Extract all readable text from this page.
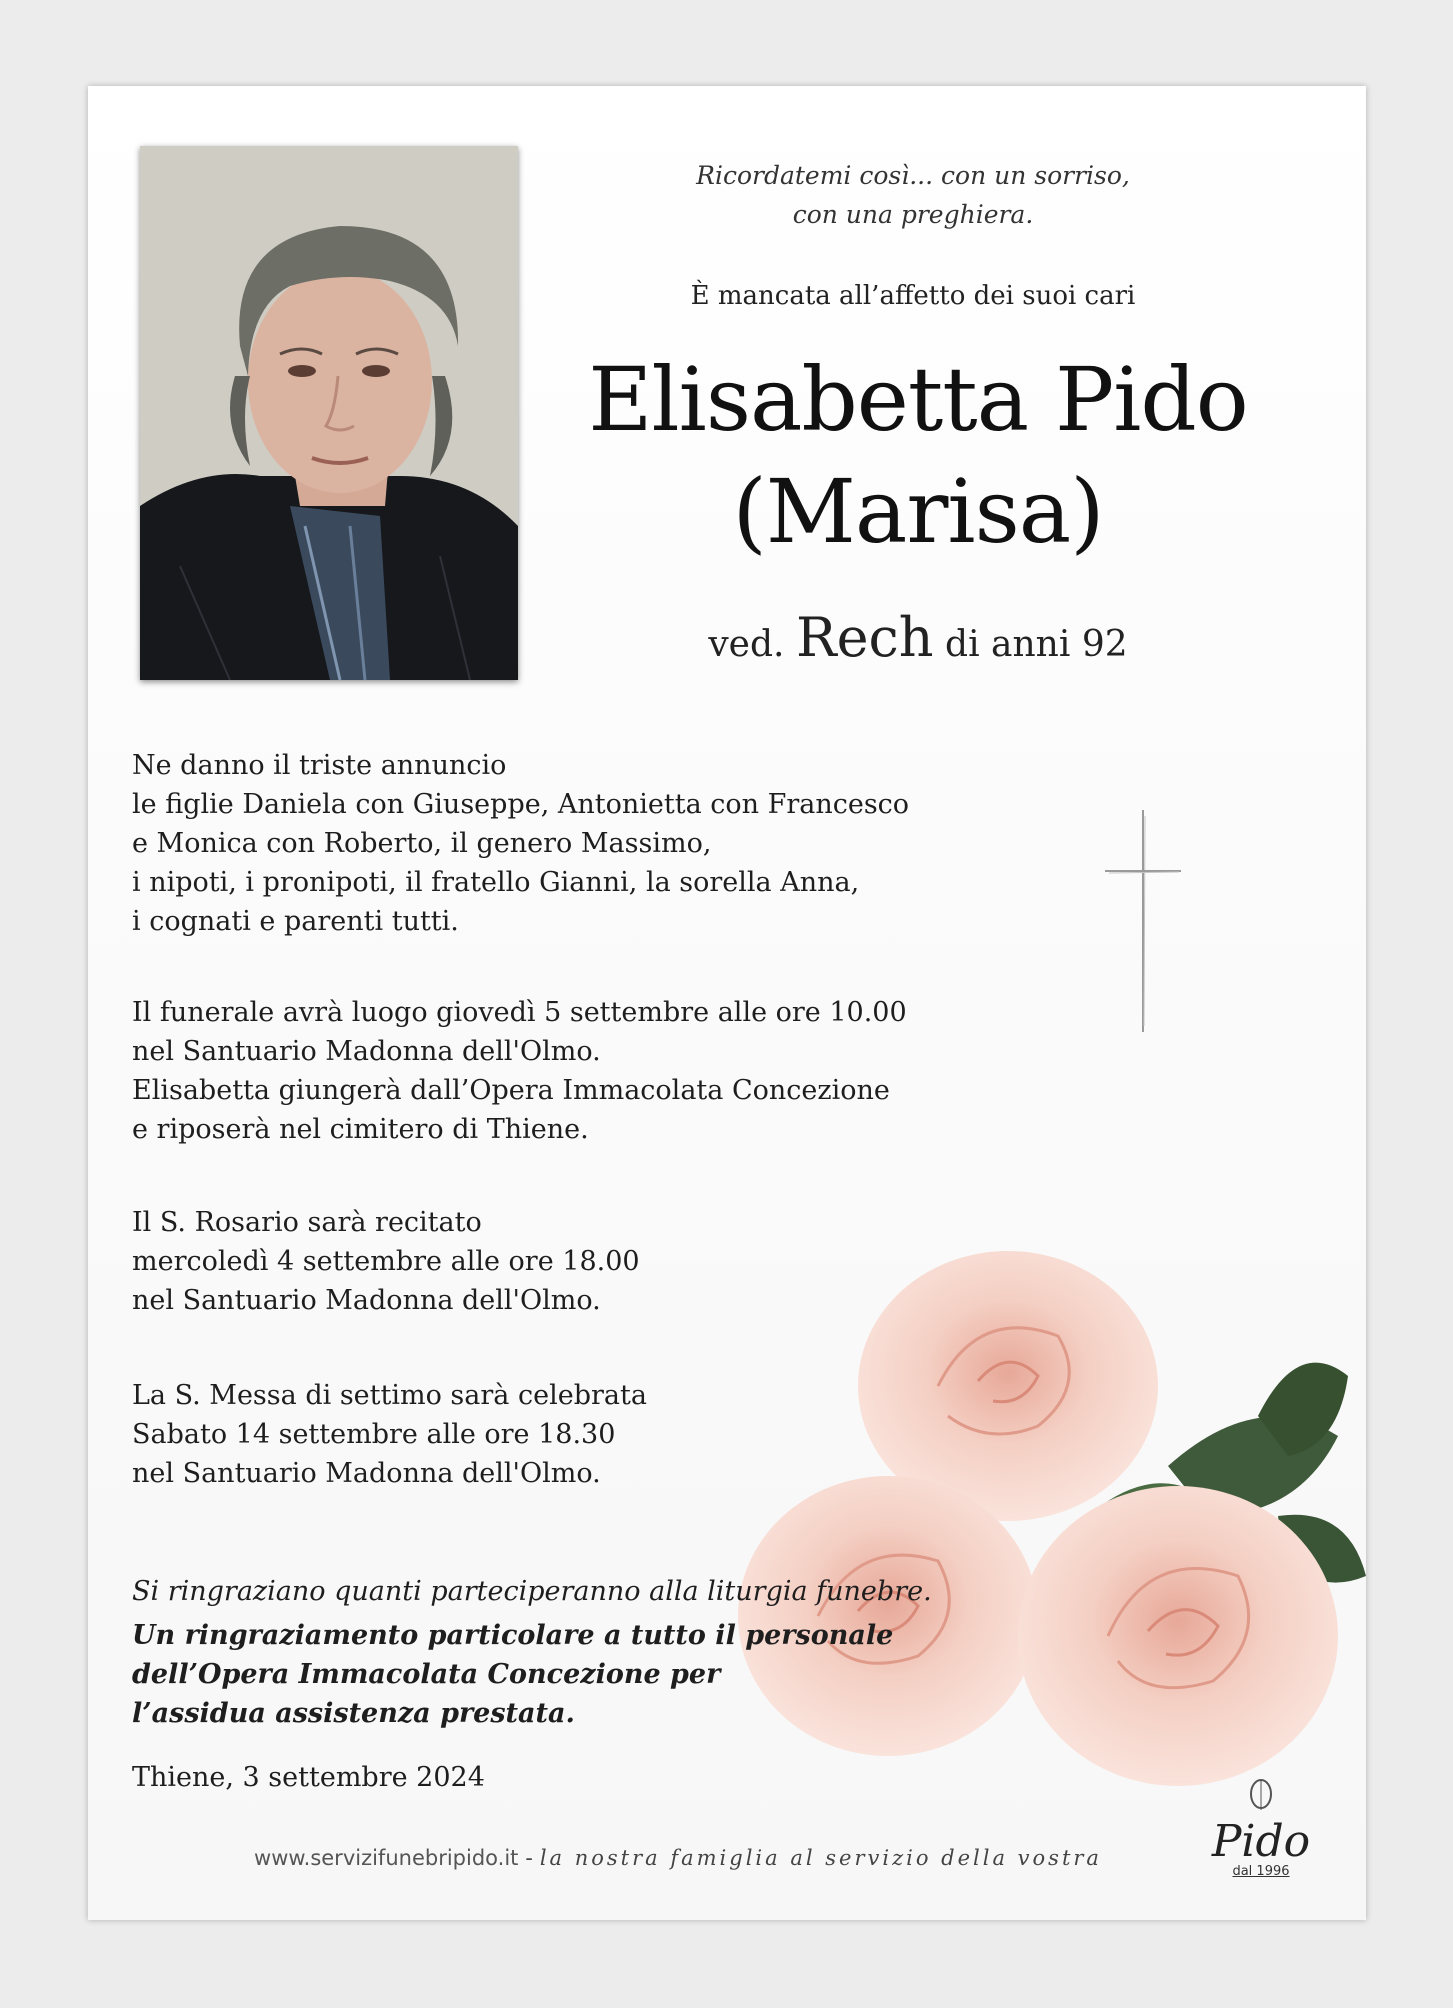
Ricordatemi così... con un sorriso,
con una preghiera.
È mancata all’affetto dei suoi cari
Elisabetta Pido
(Marisa)
ved. Rech di anni 92
Ne danno il triste annuncio
le figlie Daniela con Giuseppe, Antonietta con Francesco
e Monica con Roberto, il genero Massimo,
i nipoti, i pronipoti, il fratello Gianni, la sorella Anna,
i cognati e parenti tutti.
Il funerale avrà luogo giovedì 5 settembre alle ore 10.00
nel Santuario Madonna dell'Olmo.
Elisabetta giungerà dall’Opera Immacolata Concezione
e riposerà nel cimitero di Thiene.
Il S. Rosario sarà recitato
mercoledì 4 settembre alle ore 18.00
nel Santuario Madonna dell'Olmo.
La S. Messa di settimo sarà celebrata
Sabato 14 settembre alle ore 18.30
nel Santuario Madonna dell'Olmo.
Si ringraziano quanti parteciperanno alla liturgia funebre.
Un ringraziamento particolare a tutto il personale
dell’Opera Immacolata Concezione per
l’assidua assistenza prestata.
Thiene, 3 settembre 2024
Pido
dal 1996
www.servizifunebripido.it - la nostra famiglia al servizio della vostra
